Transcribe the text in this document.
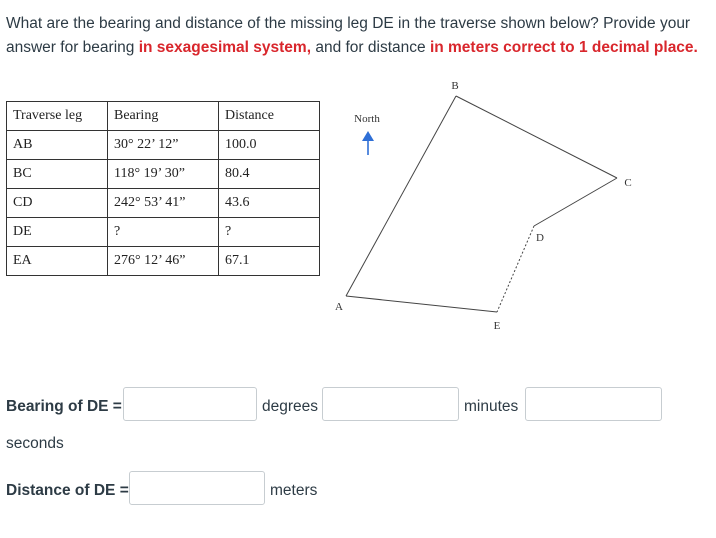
What are the bearing and distance of the missing leg DE in the traverse shown below? Provide your answer for bearing in sexagesimal system, and for distance in meters correct to 1 decimal place.
Traverse leg	Bearing	Distance
AB	30° 22’ 12”	100.0
BC	118° 19’ 30”	80.4
CD	242° 53’ 41”	43.6
DE	?	?
EA	276° 12’ 46”	67.1
North
B
C
D
E
A
Bearing of DE =	degrees	minutes
seconds
Distance of DE =	meters
